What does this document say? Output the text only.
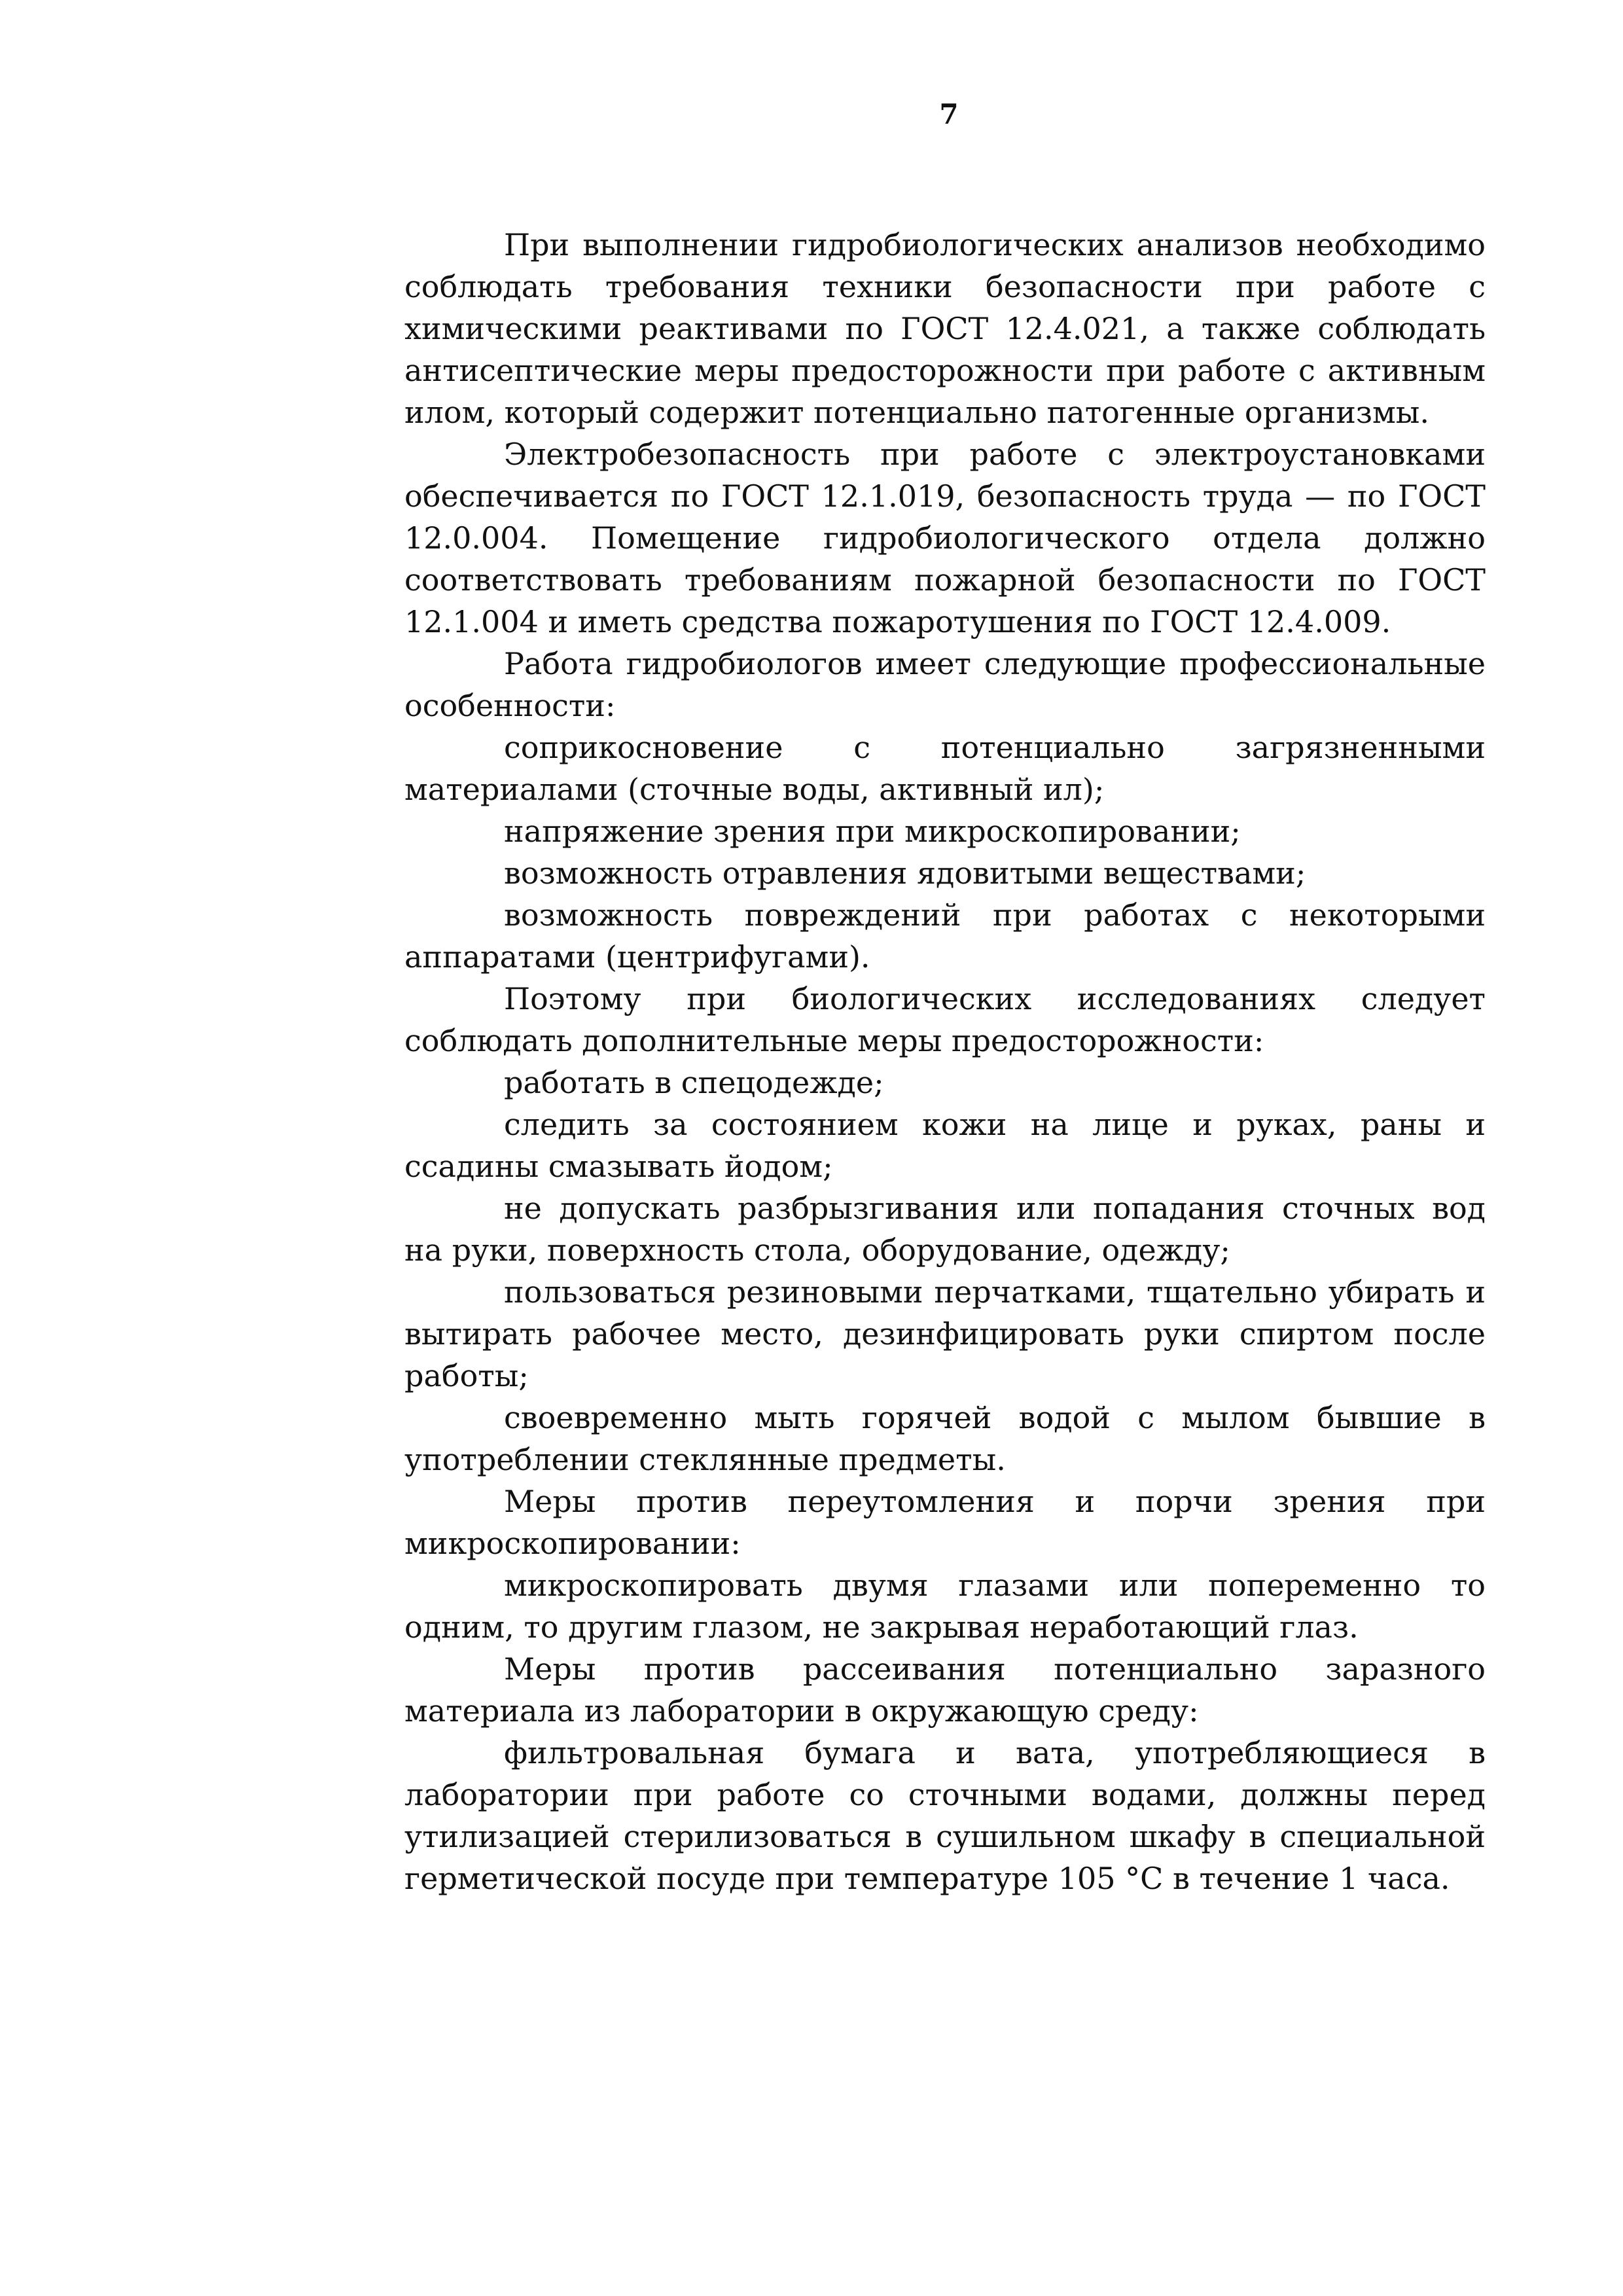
7

При выполнении гидробиологических анализов необходимо соблюдать требования техники безопасности при работе с химическими реактивами по ГОСТ 12.4.021, а также соблюдать антисептические меры предосторожности при работе с активным илом, который содержит потенциально патогенные организмы.

Электробезопасность при работе с электроустановками обеспечивается по ГОСТ 12.1.019, безопасность труда — по ГОСТ 12.0.004. Помещение гидробиологического отдела должно соответствовать требованиям пожарной безопасности по ГОСТ 12.1.004 и иметь средства пожаротушения по ГОСТ 12.4.009.

Работа гидробиологов имеет следующие профессиональные особенности:

соприкосновение с потенциально загрязненными материалами (сточные воды, активный ил);

напряжение зрения при микроскопировании;

возможность отравления ядовитыми веществами;

возможность повреждений при работах с некоторыми аппаратами (центрифугами).

Поэтому при биологических исследованиях следует соблюдать дополнительные меры предосторожности:

работать в спецодежде;

следить за состоянием кожи на лице и руках, раны и ссадины смазывать йодом;

не допускать разбрызгивания или попадания сточных вод на руки, поверхность стола, оборудование, одежду;

пользоваться резиновыми перчатками, тщательно убирать и вытирать рабочее место, дезинфицировать руки спиртом после работы;

своевременно мыть горячей водой с мылом бывшие в употреблении стеклянные предметы.

Меры против переутомления и порчи зрения при микроскопировании:

микроскопировать двумя глазами или попеременно то одним, то другим глазом, не закрывая неработающий глаз.

Меры против рассеивания потенциально заразного материала из лаборатории в окружающую среду:

фильтровальная бумага и вата, употребляющиеся в лаборатории при работе со сточными водами, должны перед утилизацией стерилизоваться в сушильном шкафу в специальной герметической посуде при температуре 105 °С в течение 1 часа.
